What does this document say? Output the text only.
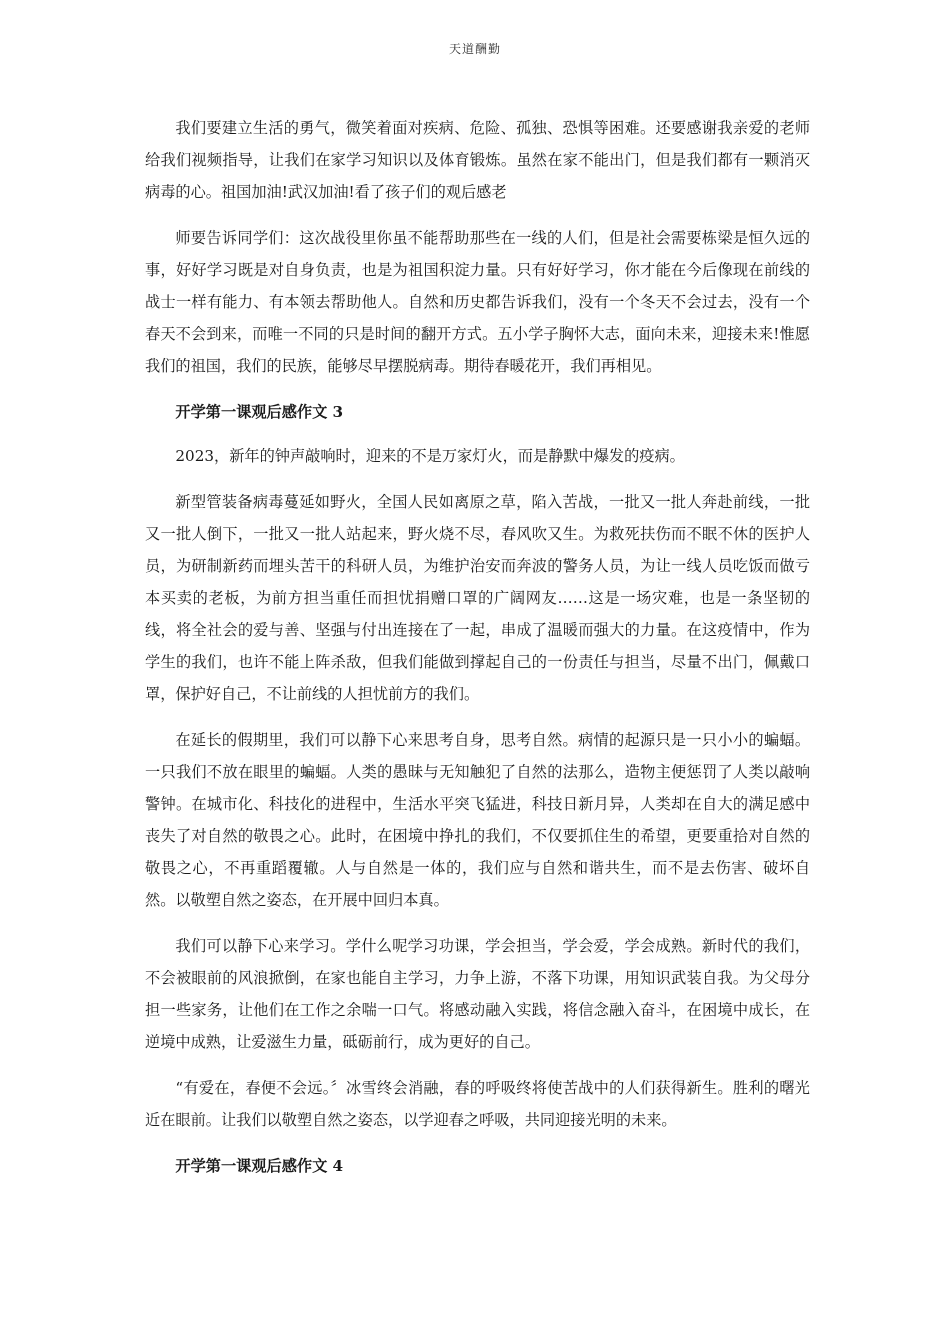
天道酬勤

我们要建立生活的勇气，微笑着面对疾病、危险、孤独、恐惧等困难。还要感谢我亲爱的老师给我们视频指导，让我们在家学习知识以及体育锻炼。虽然在家不能出门，但是我们都有一颗消灭病毒的心。祖国加油!武汉加油!看了孩子们的观后感老

师要告诉同学们：这次战役里你虽不能帮助那些在一线的人们，但是社会需要栋梁是恒久远的事，好好学习既是对自身负责，也是为祖国积淀力量。只有好好学习，你才能在今后像现在前线的战士一样有能力、有本领去帮助他人。自然和历史都告诉我们，没有一个冬天不会过去，没有一个春天不会到来，而唯一不同的只是时间的翻开方式。五小学子胸怀大志，面向未来，迎接未来!惟愿我们的祖国，我们的民族，能够尽早摆脱病毒。期待春暖花开，我们再相见。

开学第一课观后感作文 3

2023，新年的钟声敲响时，迎来的不是万家灯火，而是静默中爆发的疫病。

新型管装备病毒蔓延如野火，全国人民如离原之草，陷入苦战，一批又一批人奔赴前线，一批又一批人倒下，一批又一批人站起来，野火烧不尽，春风吹又生。为救死扶伤而不眠不休的医护人员，为研制新药而埋头苦干的科研人员，为维护治安而奔波的警务人员，为让一线人员吃饭而做亏本买卖的老板，为前方担当重任而担忧捐赠口罩的广阔网友……这是一场灾难，也是一条坚韧的线，将全社会的爱与善、坚强与付出连接在了一起，串成了温暖而强大的力量。在这疫情中，作为学生的我们，也许不能上阵杀敌，但我们能做到撑起自己的一份责任与担当，尽量不出门，佩戴口罩，保护好自己，不让前线的人担忧前方的我们。

在延长的假期里，我们可以静下心来思考自身，思考自然。病情的起源只是一只小小的蝙蝠。一只我们不放在眼里的蝙蝠。人类的愚昧与无知触犯了自然的法那么，造物主便惩罚了人类以敲响警钟。在城市化、科技化的进程中，生活水平突飞猛进，科技日新月异，人类却在自大的满足感中丧失了对自然的敬畏之心。此时，在困境中挣扎的我们，不仅要抓住生的希望，更要重拾对自然的敬畏之心，不再重蹈覆辙。人与自然是一体的，我们应与自然和谐共生，而不是去伤害、破坏自然。以敬塑自然之姿态，在开展中回归本真。

我们可以静下心来学习。学什么呢学习功课，学会担当，学会爱，学会成熟。新时代的我们，不会被眼前的风浪掀倒，在家也能自主学习，力争上游，不落下功课，用知识武装自我。为父母分担一些家务，让他们在工作之余喘一口气。将感动融入实践，将信念融入奋斗，在困境中成长，在逆境中成熟，让爱滋生力量，砥砺前行，成为更好的自己。

“有爱在，春便不会远。〞冰雪终会消融，春的呼吸终将使苦战中的人们获得新生。胜利的曙光近在眼前。让我们以敬塑自然之姿态，以学迎春之呼吸，共同迎接光明的未来。

开学第一课观后感作文 4
